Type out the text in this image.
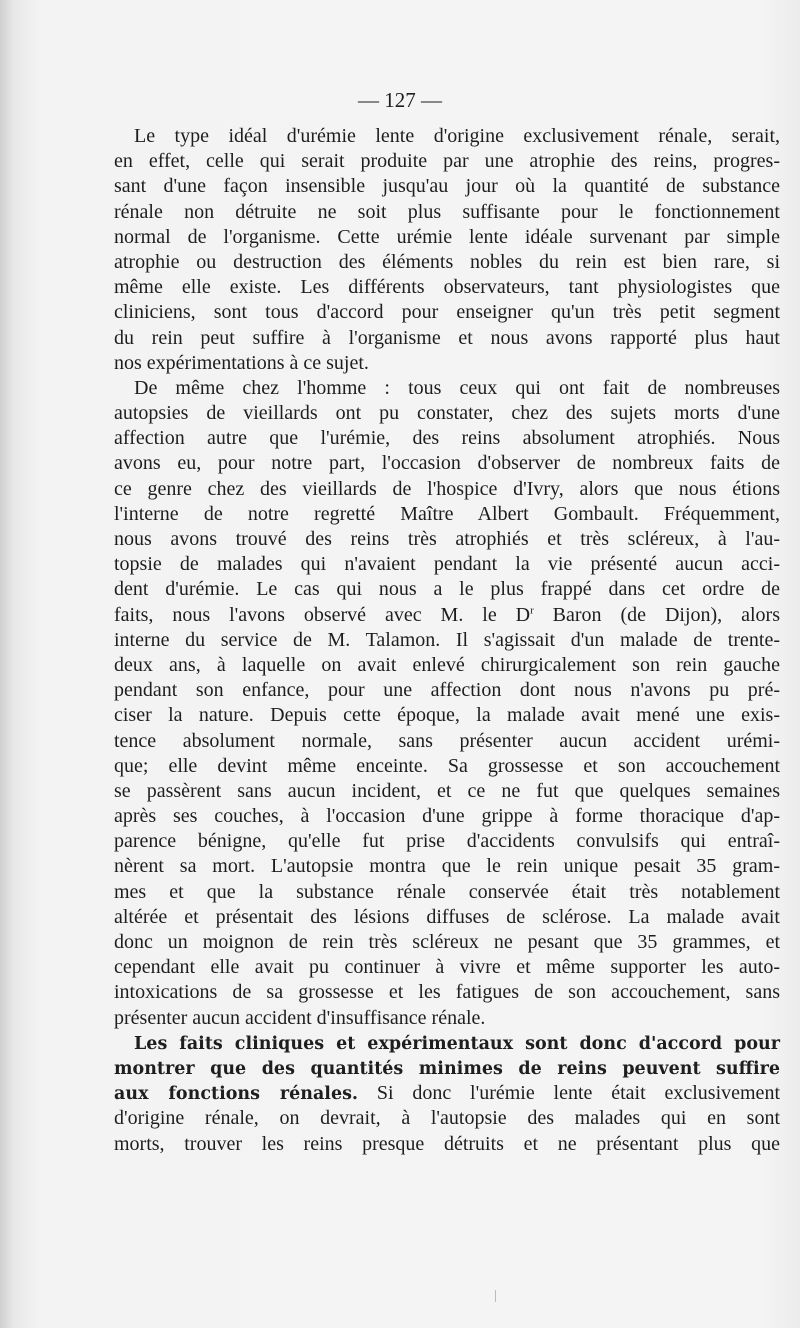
— 127 —
Le type idéal d'urémie lente d'origine exclusivement rénale, serait,
en effet, celle qui serait produite par une atrophie des reins, progres-
sant d'une façon insensible jusqu'au jour où la quantité de substance
rénale non détruite ne soit plus suffisante pour le fonctionnement
normal de l'organisme. Cette urémie lente idéale survenant par simple
atrophie ou destruction des éléments nobles du rein est bien rare, si
même elle existe. Les différents observateurs, tant physiologistes que
cliniciens, sont tous d'accord pour enseigner qu'un très petit segment
du rein peut suffire à l'organisme et nous avons rapporté plus haut
nos expérimentations à ce sujet.
De même chez l'homme : tous ceux qui ont fait de nombreuses
autopsies de vieillards ont pu constater, chez des sujets morts d'une
affection autre que l'urémie, des reins absolument atrophiés. Nous
avons eu, pour notre part, l'occasion d'observer de nombreux faits de
ce genre chez des vieillards de l'hospice d'Ivry, alors que nous étions
l'interne de notre regretté Maître Albert Gombault. Fréquemment,
nous avons trouvé des reins très atrophiés et très scléreux, à l'au-
topsie de malades qui n'avaient pendant la vie présenté aucun acci-
dent d'urémie. Le cas qui nous a le plus frappé dans cet ordre de
faits, nous l'avons observé avec M. le $D^r$ Baron (de Dijon), alors
interne du service de M. Talamon. Il s'agissait d'un malade de trente-
deux ans, à laquelle on avait enlevé chirurgicalement son rein gauche
pendant son enfance, pour une affection dont nous n'avons pu pré-
ciser la nature. Depuis cette époque, la malade avait mené une exis-
tence absolument normale, sans présenter aucun accident urémi-
que; elle devint même enceinte. Sa grossesse et son accouchement
se passèrent sans aucun incident, et ce ne fut que quelques semaines
après ses couches, à l'occasion d'une grippe à forme thoracique d'ap-
parence bénigne, qu'elle fut prise d'accidents convulsifs qui entraî-
nèrent sa mort. L'autopsie montra que le rein unique pesait 35 gram-
mes et que la substance rénale conservée était très notablement
altérée et présentait des lésions diffuses de sclérose. La malade avait
donc un moignon de rein très scléreux ne pesant que 35 grammes, et
cependant elle avait pu continuer à vivre et même supporter les auto-
intoxications de sa grossesse et les fatigues de son accouchement, sans
présenter aucun accident d'insuffisance rénale.
Les faits cliniques et expérimentaux sont donc d'accord pour
montrer que des quantités minimes de reins peuvent suffire
aux fonctions rénales. Si donc l'urémie lente était exclusivement
d'origine rénale, on devrait, à l'autopsie des malades qui en sont
morts, trouver les reins presque détruits et ne présentant plus que
